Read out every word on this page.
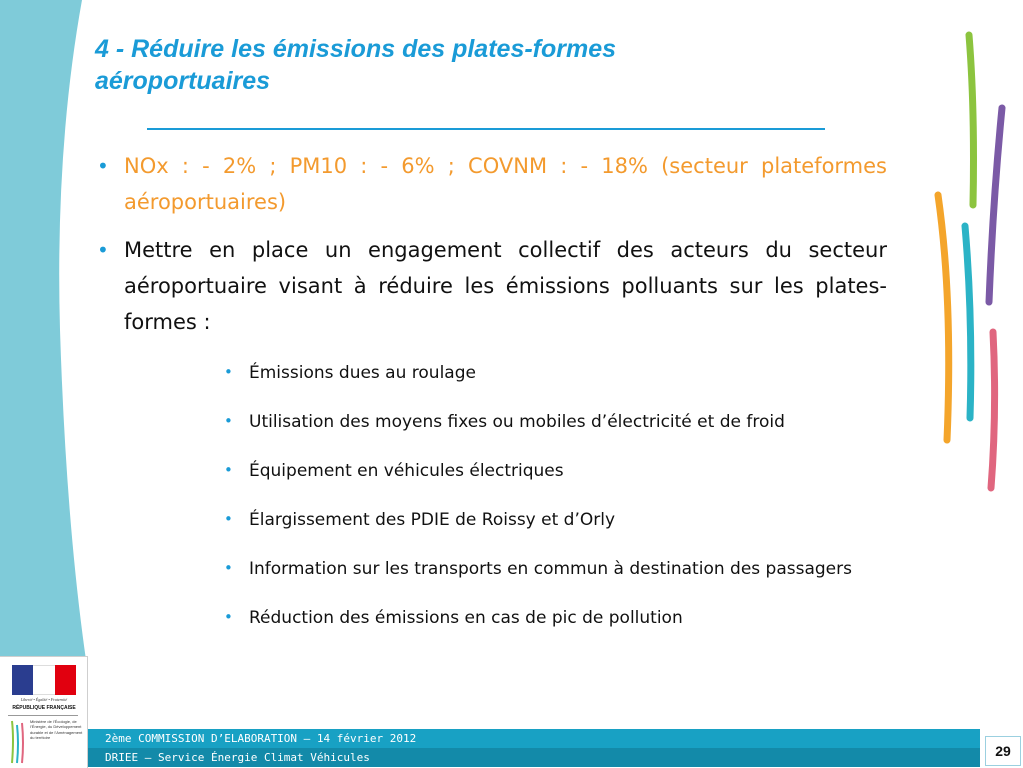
4 - Réduire les émissions des plates-formes aéroportuaires
• NOx : - 2% ; PM10 : - 6% ; COVNM : - 18% (secteur plateformes aéroportuaires)
• Mettre en place un engagement collectif des acteurs du secteur aéroportuaire visant à réduire les émissions polluants sur les plates-formes :
• Émissions dues au roulage
• Utilisation des moyens fixes ou mobiles d’électricité et de froid
• Équipement en véhicules électriques
• Élargissement des PDIE de Roissy et d’Orly
• Information sur les transports en commun à destination des passagers
• Réduction des émissions en cas de pic de pollution
Liberté • Égalité • Fraternité
RÉPUBLIQUE FRANÇAISE
Ministère de l’Écologie, de l’Énergie, du Développement durable et de l’Aménagement du territoire	2ème COMMISSION D’ELABORATION – 14 février 2012
DRIEE – Service Énergie Climat Véhicules	29
